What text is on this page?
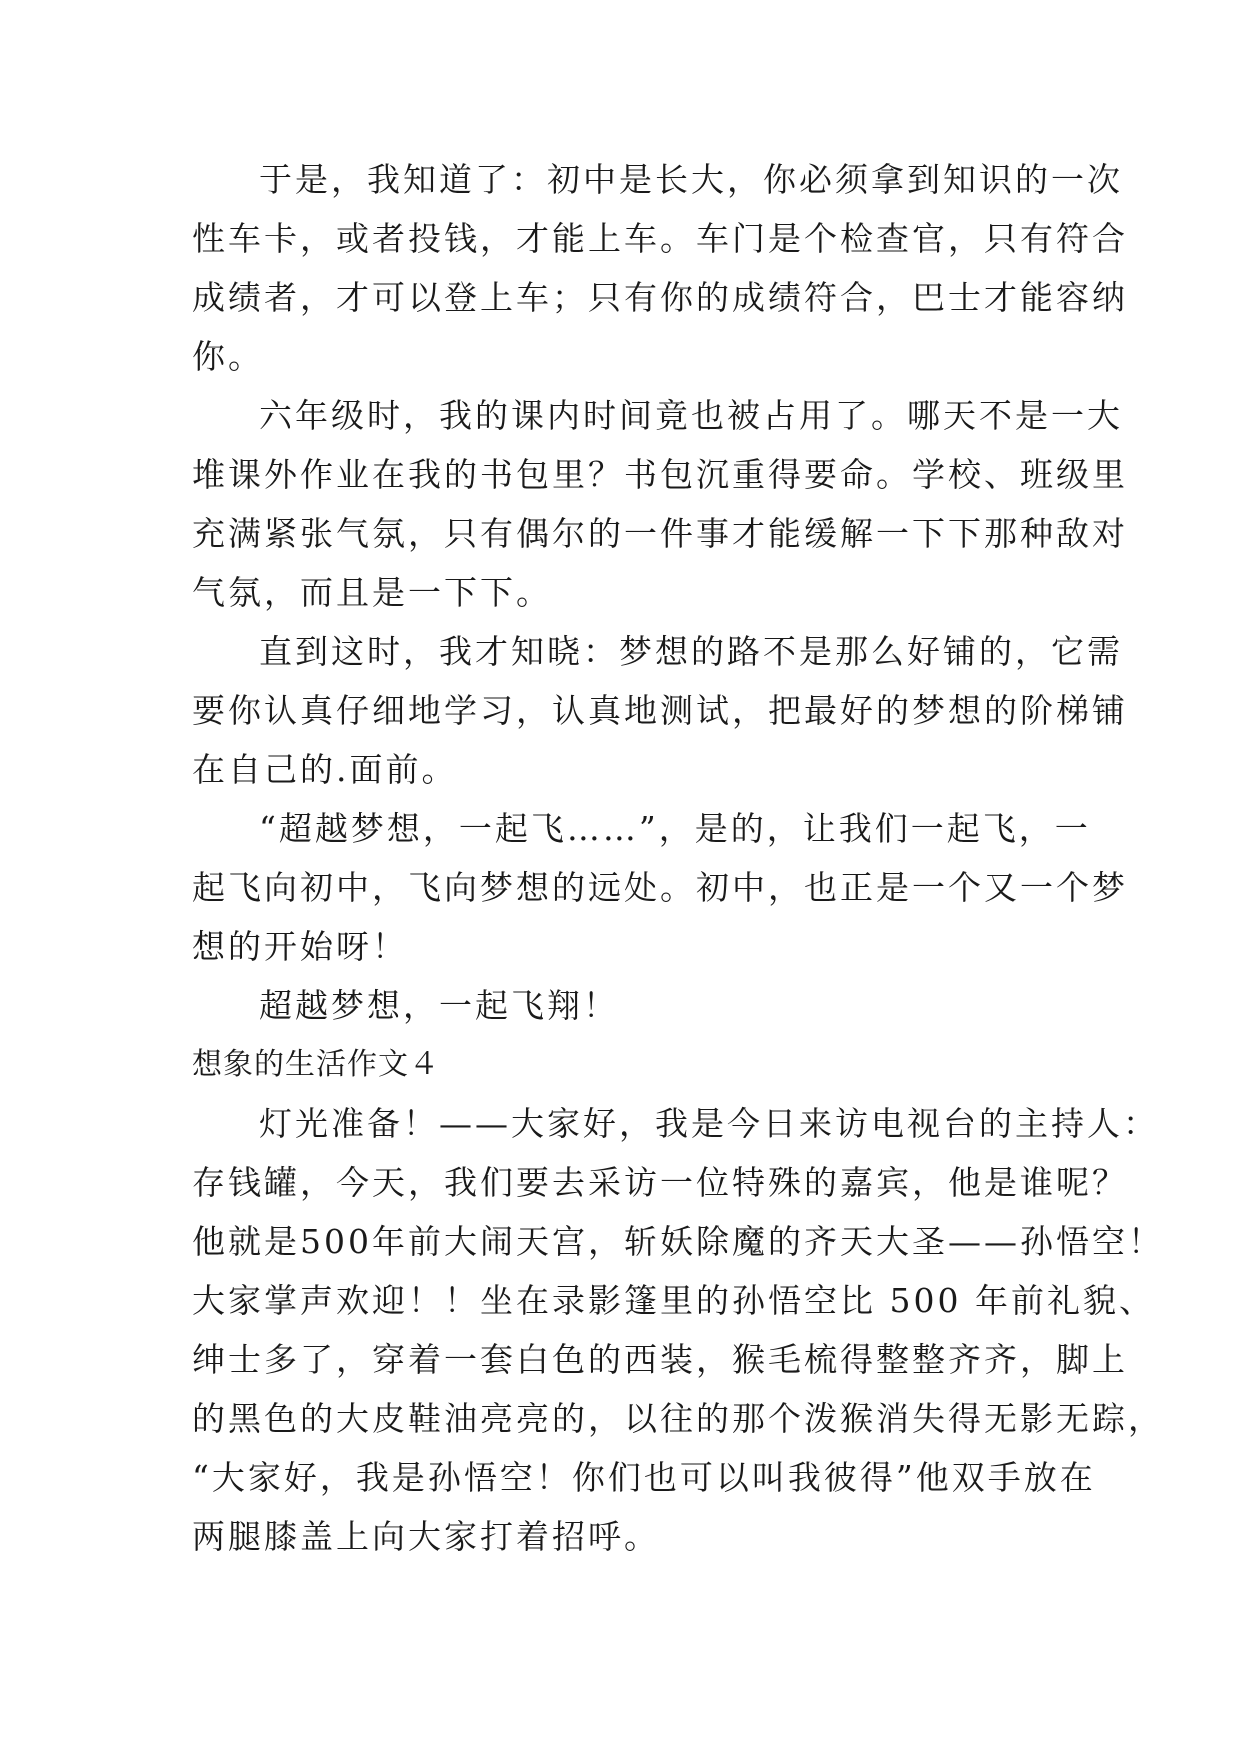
于是，我知道了：初中是长大，你必须拿到知识的一次
性车卡，或者投钱，才能上车。车门是个检查官，只有符合
成绩者，才可以登上车；只有你的成绩符合，巴士才能容纳
你。
六年级时，我的课内时间竟也被占用了。哪天不是一大
堆课外作业在我的书包里？书包沉重得要命。学校、班级里
充满紧张气氛，只有偶尔的一件事才能缓解一下下那种敌对
气氛，而且是一下下。
直到这时，我才知晓：梦想的路不是那么好铺的，它需
要你认真仔细地学习，认真地测试，把最好的梦想的阶梯铺
在自己的.面前。
“超越梦想，一起飞……”，是的，让我们一起飞，一
起飞向初中，飞向梦想的远处。初中，也正是一个又一个梦
想的开始呀！
超越梦想，一起飞翔！
想象的生活作文４
灯光准备！——大家好，我是今日来访电视台的主持人：
存钱罐，今天，我们要去采访一位特殊的嘉宾，他是谁呢？
他就是500年前大闹天宫，斩妖除魔的齐天大圣——孙悟空！
大家掌声欢迎！！坐在录影篷里的孙悟空比 500 年前礼貌、
绅士多了，穿着一套白色的西装，猴毛梳得整整齐齐，脚上
的黑色的大皮鞋油亮亮的，以往的那个泼猴消失得无影无踪，
“大家好，我是孙悟空！你们也可以叫我彼得”他双手放在
两腿膝盖上向大家打着招呼。
